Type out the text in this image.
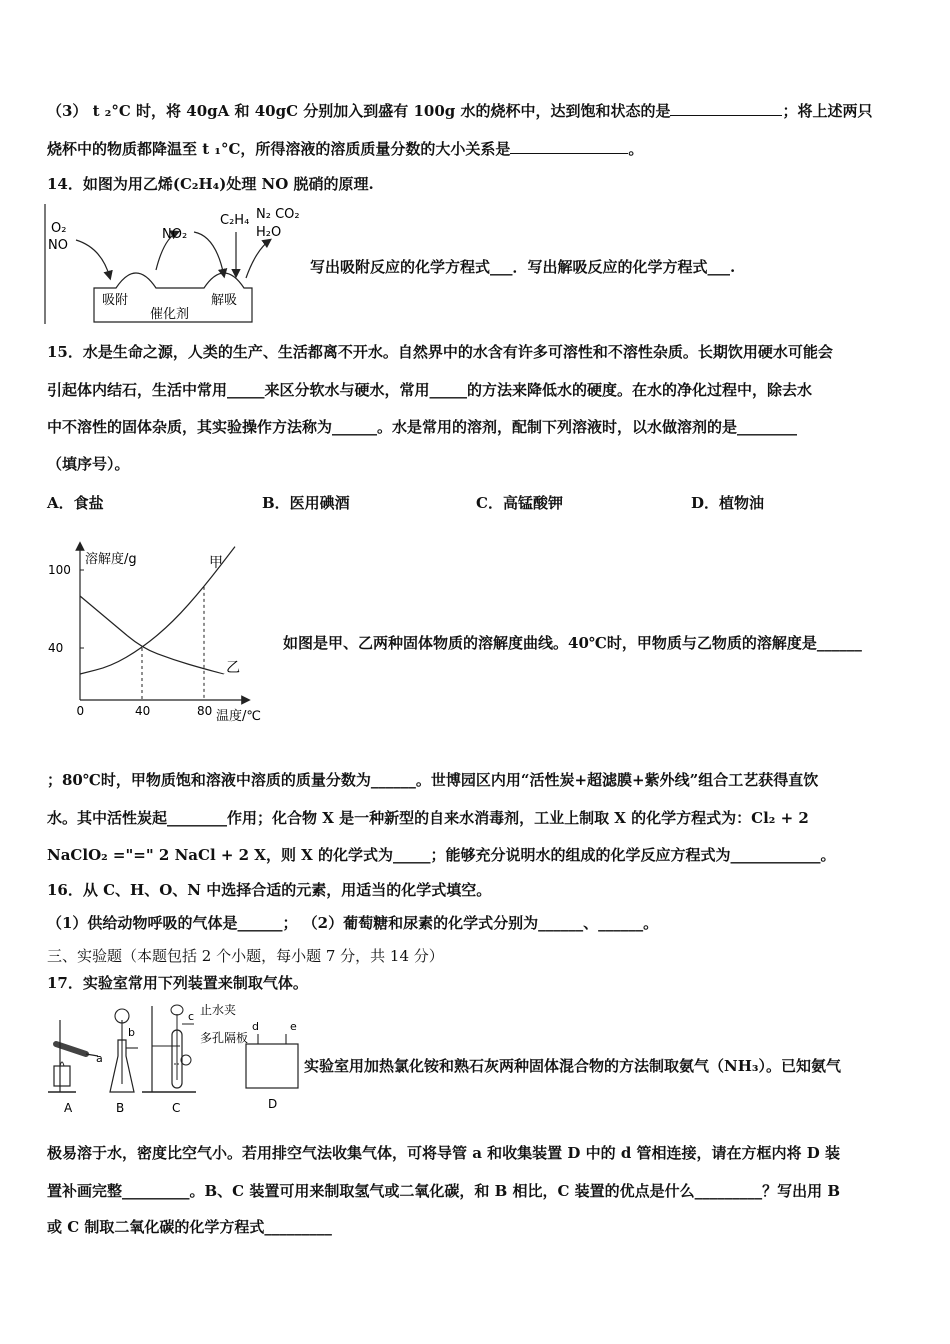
（3） t ₂°C 时，将 40gA 和 40gC 分别加入到盛有 100g 水的烧杯中，达到饱和状态的是	；将上述两只
烧杯中的物质都降温至 t ₁°C，所得溶液的溶质质量分数的大小关系是	。
14．如图为用乙烯(C₂H₄)处理 NO 脱硝的原理.
O₂
NO
NO₂
C₂H₄ N₂ CO₂
H₂O
吸附	解吸
催化剂
写出吸附反应的化学方程式___．写出解吸反应的化学方程式___.
15．水是生命之源，人类的生产、生活都离不开水。自然界中的水含有许多可溶性和不溶性杂质。长期饮用硬水可能会
引起体内结石，生活中常用_____来区分软水与硬水，常用_____的方法来降低水的硬度。在水的净化过程中，除去水
中不溶性的固体杂质，其实验操作方法称为______。水是常用的溶剂，配制下列溶液时，以水做溶剂的是________
（填序号）。
A．食盐	B．医用碘酒	C．高锰酸钾	D．植物油
溶解度/g
温度/℃
40
100
0	40	80
甲
乙
如图是甲、乙两种固体物质的溶解度曲线。40℃时，甲物质与乙物质的溶解度是______
；80℃时，甲物质饱和溶液中溶质的质量分数为______。世博园区内用“活性炭+超滤膜+紫外线”组合工艺获得直饮
水。其中活性炭起________作用；化合物 X 是一种新型的自来水消毒剂，工业上制取 X 的化学方程式为：Cl₂ + 2
NaClO₂ ="=" 2 NaCl + 2 X，则 X 的化学式为_____；能够充分说明水的组成的化学反应方程式为____________。
16．从 C、H、O、N 中选择合适的元素，用适当的化学式填空。
（1）供给动物呼吸的气体是______； （2）葡萄糖和尿素的化学式分别为______、______。
三、实验题（本题包括 2 个小题，每小题 7 分，共 14 分）
17．实验室常用下列装置来制取气体。
a
A
b
B
c 止水夹
多孔隔板
C
d	e
D
实验室用加热氯化铵和熟石灰两种固体混合物的方法制取氨气（NH₃）。已知氨气
极易溶于水，密度比空气小。若用排空气法收集气体，可将导管 a 和收集装置 D 中的 d 管相连接，请在方框内将 D 装
置补画完整_________。B、C 装置可用来制取氢气或二氧化碳，和 B 相比，C 装置的优点是什么_________？写出用 B
或 C 制取二氧化碳的化学方程式_________
